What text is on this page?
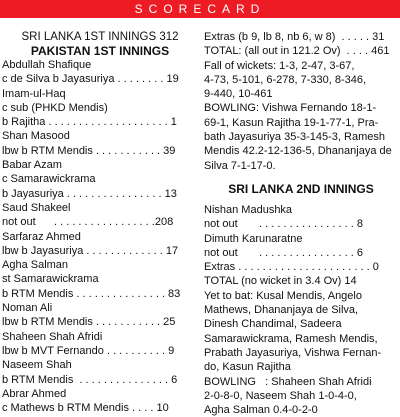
SCORECARD
SRI LANKA 1ST INNINGS 312
PAKISTAN 1ST INNINGS
Abdullah Shafique
c de Silva b Jayasuriya . . . . . . . . 19
Imam-ul-Haq
c sub (PHKD Mendis)
b Rajitha . . . . . . . . . . . . . . . . . . . . 1
Shan Masood
lbw b RTM Mendis . . . . . . . . . . . 39
Babar Azam
c Samarawickrama
b Jayasuriya . . . . . . . . . . . . . . . . 13
Saud Shakeel
not out      . . . . . . . . . . . . . . . . .208
Sarfaraz Ahmed
lbw b Jayasuriya . . . . . . . . . . . . . 17
Agha Salman
st Samarawickrama
b RTM Mendis . . . . . . . . . . . . . . . 83
Noman Ali
lbw b RTM Mendis . . . . . . . . . . . 25
Shaheen Shah Afridi
lbw b MVT Fernando . . . . . . . . . . 9
Naseem Shah
b RTM Mendis  . . . . . . . . . . . . . . . 6
Abrar Ahmed
c Mathews b RTM Mendis . . . . 10
Extras (b 9, lb 8, nb 6, w 8)  . . . . . 31
TOTAL: (all out in 121.2 Ov)  . . . . 461
Fall of wickets: 1-3, 2-47, 3-67,
4-73, 5-101, 6-278, 7-330, 8-346,
9-440, 10-461
BOWLING: Vishwa Fernando 18-1-
69-1, Kasun Rajitha 19-1-77-1, Pra-
bath Jayasuriya 35-3-145-3, Ramesh
Mendis 42.2-12-136-5, Dhananjaya de
Silva 7-1-17-0.
SRI LANKA 2ND INNINGS
Nishan Madushka
not out       . . . . . . . . . . . . . . . . 8
Dimuth Karunaratne
not out       . . . . . . . . . . . . . . . . 6
Extras . . . . . . . . . . . . . . . . . . . . . . 0
TOTAL (no wicket in 3.4 Ov) 14
Yet to bat: Kusal Mendis, Angelo
Mathews, Dhananjaya de Silva,
Dinesh Chandimal, Sadeera
Samarawickrama, Ramesh Mendis,
Prabath Jayasuriya, Vishwa Fernan-
do, Kasun Rajitha
BOWLING   : Shaheen Shah Afridi
2-0-8-0, Naseem Shah 1-0-4-0,
Agha Salman 0.4-0-2-0
